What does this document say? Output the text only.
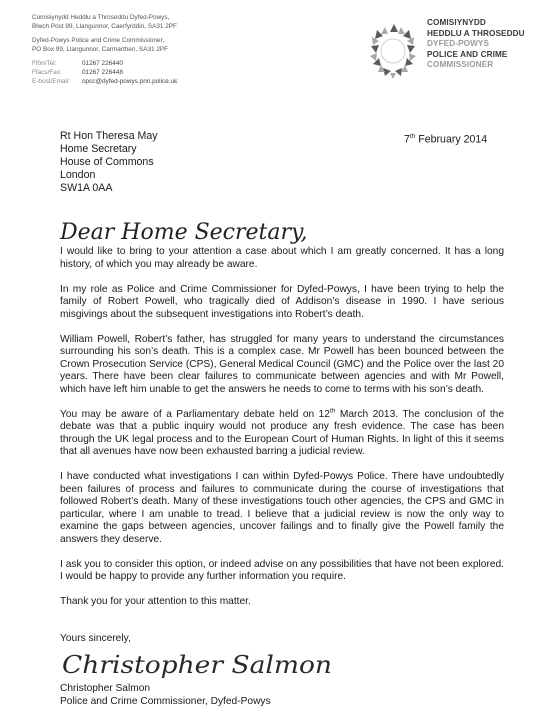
Comisiynydd Heddlu a Throseddu Dyfed-Powys,
Blwch Post 99, Llangunnor, Caerfyrddin, SA31 2PF
Dyfed-Powys Police and Crime Commissioner,
PO Box 99, Llangunnor, Carmarthen, SA31 2PF
Ffôn/Tel:	01267 226440
Ffacs/Fax:	01267 226448
E-bost/Email:	opcc@dyfed-powys.pnn.police.uk
COMISIYNYDD
HEDDLU A THROSEDDU
DYFED-POWYS
POLICE AND CRIME
COMMISSIONER
Rt Hon Theresa May
Home Secretary
House of Commons
London
SW1A 0AA
7th February 2014
Dear Home Secretary,

I would like to bring to your attention a case about which I am greatly concerned. It has a long history, of which you may already be aware.

In my role as Police and Crime Commissioner for Dyfed-Powys, I have been trying to help the family of Robert Powell, who tragically died of Addison’s disease in 1990. I have serious misgivings about the subsequent investigations into Robert’s death.

William Powell, Robert’s father, has struggled for many years to understand the circumstances surrounding his son’s death. This is a complex case. Mr Powell has been bounced between the Crown Prosecution Service (CPS), General Medical Council (GMC) and the Police over the last 20 years. There have been clear failures to communicate between agencies and with Mr Powell, which have left him unable to get the answers he needs to come to terms with his son’s death.

You may be aware of a Parliamentary debate held on 12th March 2013. The conclusion of the debate was that a public inquiry would not produce any fresh evidence. The case has been through the UK legal process and to the European Court of Human Rights. In light of this it seems that all avenues have now been exhausted barring a judicial review.

I have conducted what investigations I can within Dyfed-Powys Police. There have undoubtedly been failures of process and failures to communicate during the course of investigations that followed Robert’s death. Many of these investigations touch other agencies, the CPS and GMC in particular, where I am unable to tread. I believe that a judicial review is now the only way to examine the gaps between agencies, uncover failings and to finally give the Powell family the answers they deserve.

I ask you to consider this option, or indeed advise on any possibilities that have not been explored. I would be happy to provide any further information you require.

Thank you for your attention to this matter.

Yours sincerely,
Christopher Salmon
Christopher Salmon
Police and Crime Commissioner, Dyfed-Powys
